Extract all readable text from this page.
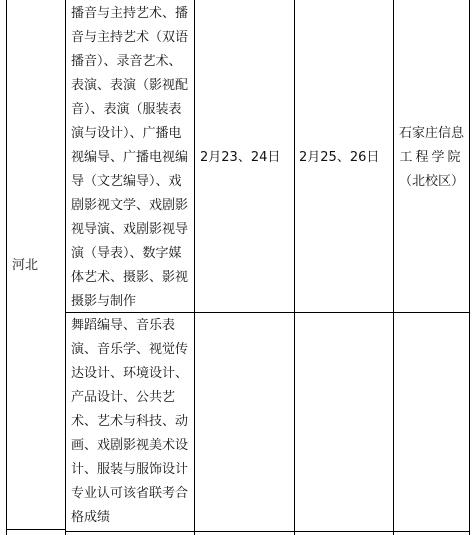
河北
播音与主持艺术、播
音与主持艺术（双语
播音）、录音艺术、
表演、表演（影视配
音）、表演（服装表
演与设计）、广播电
视编导、广播电视编
导（文艺编导）、戏
剧影视文学、戏剧影
视导演、戏剧影视导
演（导表）、数字媒
体艺术、摄影、影视
摄影与制作
2月23、24日 2月25、26日
石家庄信息
工程学院
（北校区）
舞蹈编导、音乐表
演、音乐学、视觉传
达设计、环境设计、
产品设计、公共艺
术、艺术与科技、动
画、戏剧影视美术设
计、服装与服饰设计
专业认可该省联考合
格成绩
